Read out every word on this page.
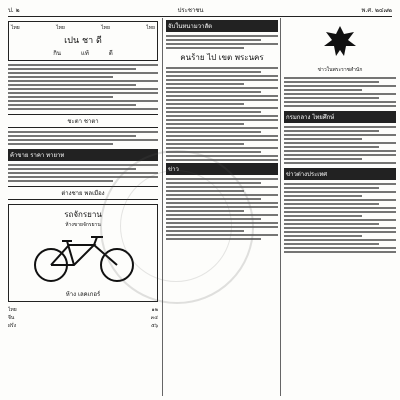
ป. ๒	ประชาชน	พ.ศ. ๒๔๗๒
ไทย	ไทย	ไทย	ไทย
เปน ชา ดี
กิน	แท้	ดี
ชะตา ชาตา
ค้าขาย ราคา ทายาท
ต่างชาย พลเมือง
รถจักรยาน
ห้างขายจักรยาน
ห้าง เลคเกอร์
ไทย	๑๒
จีน	๓๔
ฝรั่ง	๕๖
จับในหนามวาสัต
คนร้าย ไป เขต พระนคร
ข่าว
ข่าวในพระราชสำนัก
กรมกลาง ไทยศึกษ์
ข่าวต่างประเทศ
